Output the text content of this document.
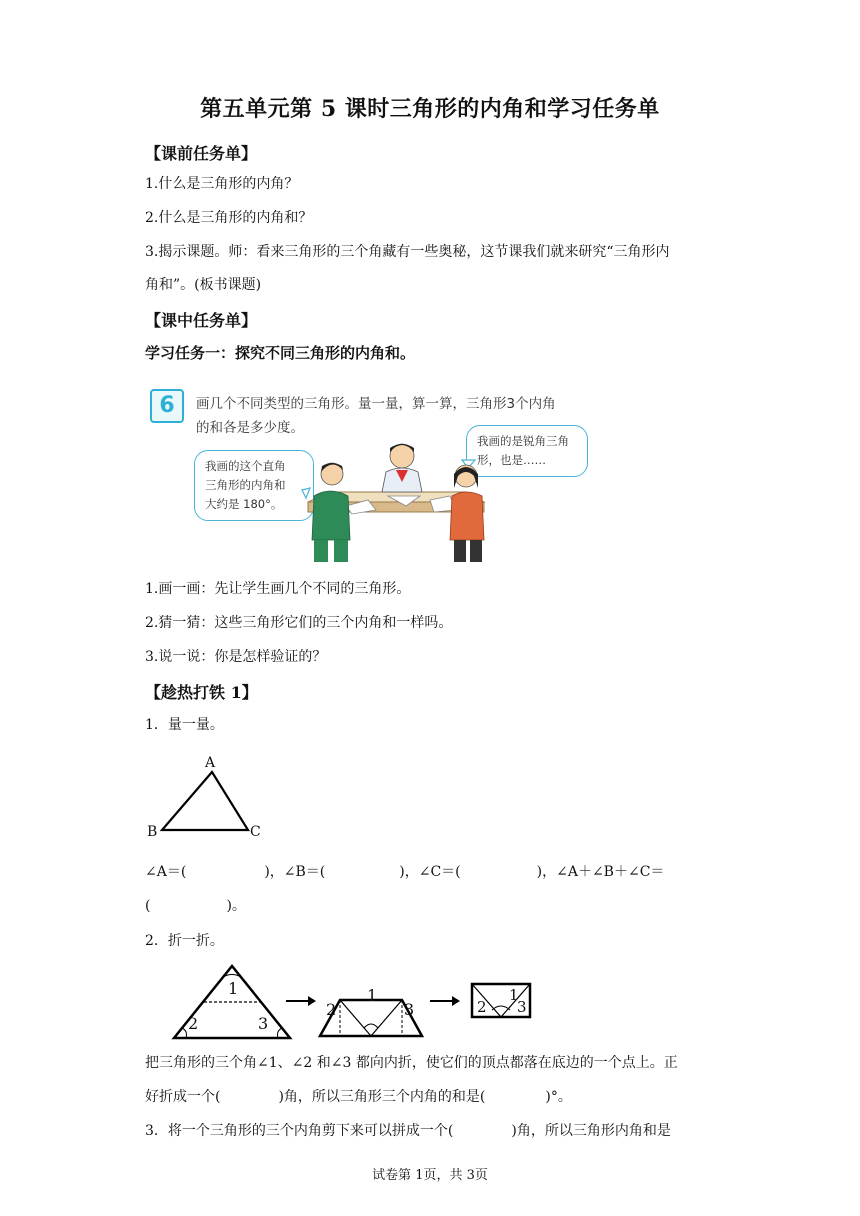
第五单元第 5 课时三角形的内角和学习任务单
【课前任务单】
1.什么是三角形的内角？
2.什么是三角形的内角和？
3.揭示课题。师：看来三角形的三个角藏有一些奥秘，这节课我们就来研究“三角形内
角和”。(板书课题)
【课中任务单】
学习任务一：探究不同三角形的内角和。
6	画几个不同类型的三角形。量一量，算一算，三角形3个内角
的和各是多少度。
我画的这个直角
三角形的内角和
大约是 180°。
我画的是锐角三角
形，也是……
1.画一画：先让学生画几个不同的三角形。
2.猜一猜：这些三角形它们的三个内角和一样吗。
3.说一说：你是怎样验证的？
【趁热打铁 1】
1．量一量。
A
B	C
∠A＝(	)，∠B＝(	)，∠C＝(	)，∠A＋∠B＋∠C＝
(	)。
2．折一折。
1
2	3
1
2	3
1
2 3
把三角形的三个角∠1、∠2 和∠3 都向内折，使它们的顶点都落在底边的一个点上。正
好折成一个(	)角，所以三角形三个内角的和是(	)°。
3．将一个三角形的三个内角剪下来可以拼成一个(	)角，所以三角形内角和是
试卷第 1页，共 3页
